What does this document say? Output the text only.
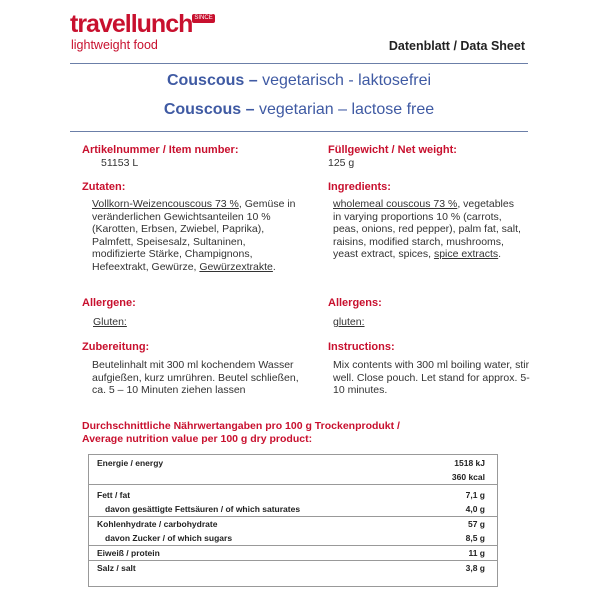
travellunch SINCE
lightweight food	Datenblatt / Data Sheet
Couscous – vegetarisch - laktosefrei
Couscous – vegetarian – lactose free
Artikelnummer / Item number:
51153 L
Füllgewicht / Net weight:
125 g
Zutaten:
Vollkorn-Weizencouscous 73 %, Gemüse in veränderlichen Gewichtsanteilen 10 % (Karotten, Erbsen, Zwiebel, Paprika), Palmfett, Speisesalz, Sultaninen, modifizierte Stärke, Champignons, Hefeextrakt, Gewürze, Gewürzextrakte.
Ingredients:
wholemeal couscous 73 %, vegetables in varying proportions 10 % (carrots, peas, onions, red pepper), palm fat, salt, raisins, modified starch, mushrooms, yeast extract, spices, spice extracts.
Allergene:
Gluten:
Allergens:
gluten:
Zubereitung:
Beutelinhalt mit 300 ml kochendem Wasser aufgießen, kurz umrühren. Beutel schließen, ca. 5 – 10 Minuten ziehen lassen
Instructions:
Mix contents with 300 ml boiling water, stir well. Close pouch. Let stand for approx. 5-10 minutes.
Durchschnittliche Nährwertangaben pro 100 g Trockenprodukt /
Average nutrition value per 100 g dry product:
Energie / energy	1518 kJ
	360 kcal
Fett / fat	7,1 g
davon gesättigte Fettsäuren / of which saturates	4,0 g
Kohlenhydrate / carbohydrate	57 g
davon Zucker / of which sugars	8,5 g
Eiweiß / protein	11 g
Salz / salt	3,8 g
